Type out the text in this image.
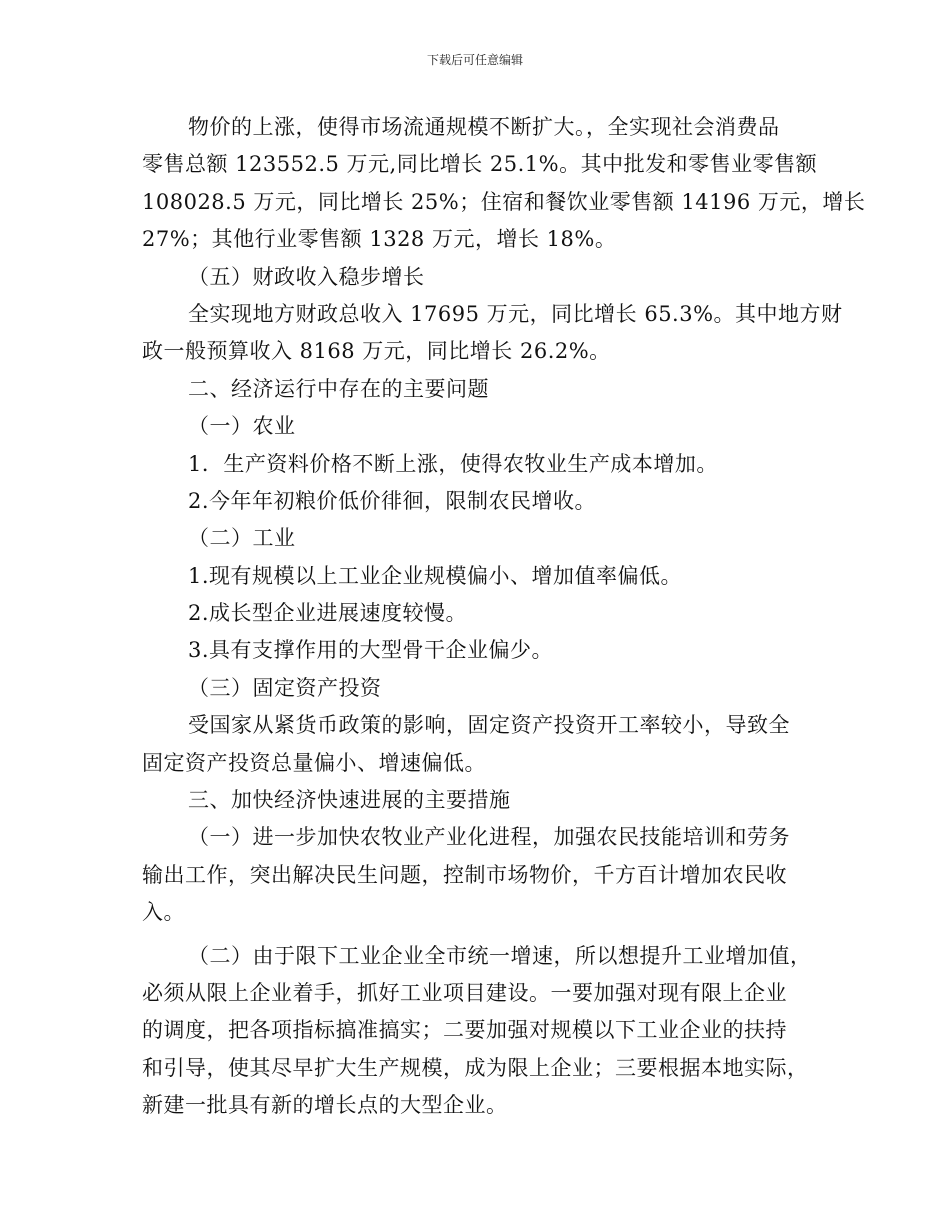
下载后可任意编辑
物价的上涨，使得市场流通规模不断扩大。，全实现社会消费品
零售总额 123552.5 万元,同比增长 25.1%。其中批发和零售业零售额
108028.5 万元，同比增长 25%；住宿和餐饮业零售额 14196 万元，增长
27%；其他行业零售额 1328 万元，增长 18%。
（五）财政收入稳步增长
全实现地方财政总收入 17695 万元，同比增长 65.3%。其中地方财
政一般预算收入 8168 万元，同比增长 26.2%。
二、经济运行中存在的主要问题
（一）农业
1．生产资料价格不断上涨，使得农牧业生产成本增加。
2.今年年初粮价低价徘徊，限制农民增收。
（二）工业
1.现有规模以上工业企业规模偏小、增加值率偏低。
2.成长型企业进展速度较慢。
3.具有支撑作用的大型骨干企业偏少。
（三）固定资产投资
受国家从紧货币政策的影响，固定资产投资开工率较小，导致全
固定资产投资总量偏小、增速偏低。
三、加快经济快速进展的主要措施
（一）进一步加快农牧业产业化进程，加强农民技能培训和劳务
输出工作，突出解决民生问题，控制市场物价，千方百计增加农民收
入。
（二）由于限下工业企业全市统一增速，所以想提升工业增加值，
必须从限上企业着手，抓好工业项目建设。一要加强对现有限上企业
的调度，把各项指标搞准搞实；二要加强对规模以下工业企业的扶持
和引导，使其尽早扩大生产规模，成为限上企业；三要根据本地实际，
新建一批具有新的增长点的大型企业。
